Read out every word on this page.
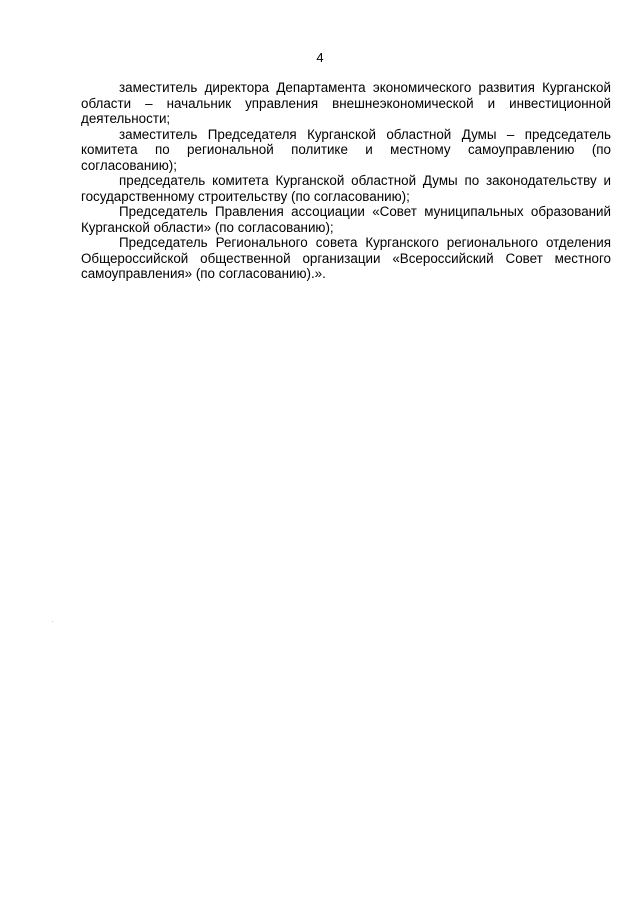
4

заместитель директора Департамента экономического развития Курганской области – начальник управления внешнеэкономической и инвестиционной деятельности;

заместитель Председателя Курганской областной Думы – председатель комитета по региональной политике и местному самоуправлению (по согласованию);

председатель комитета Курганской областной Думы по законодательству и государственному строительству (по согласованию);

Председатель Правления ассоциации «Совет муниципальных образований Курганской области» (по согласованию);

Председатель Регионального совета Курганского регионального отделения Общероссийской общественной организации «Всероссийский Совет местного самоуправления» (по согласованию).».
